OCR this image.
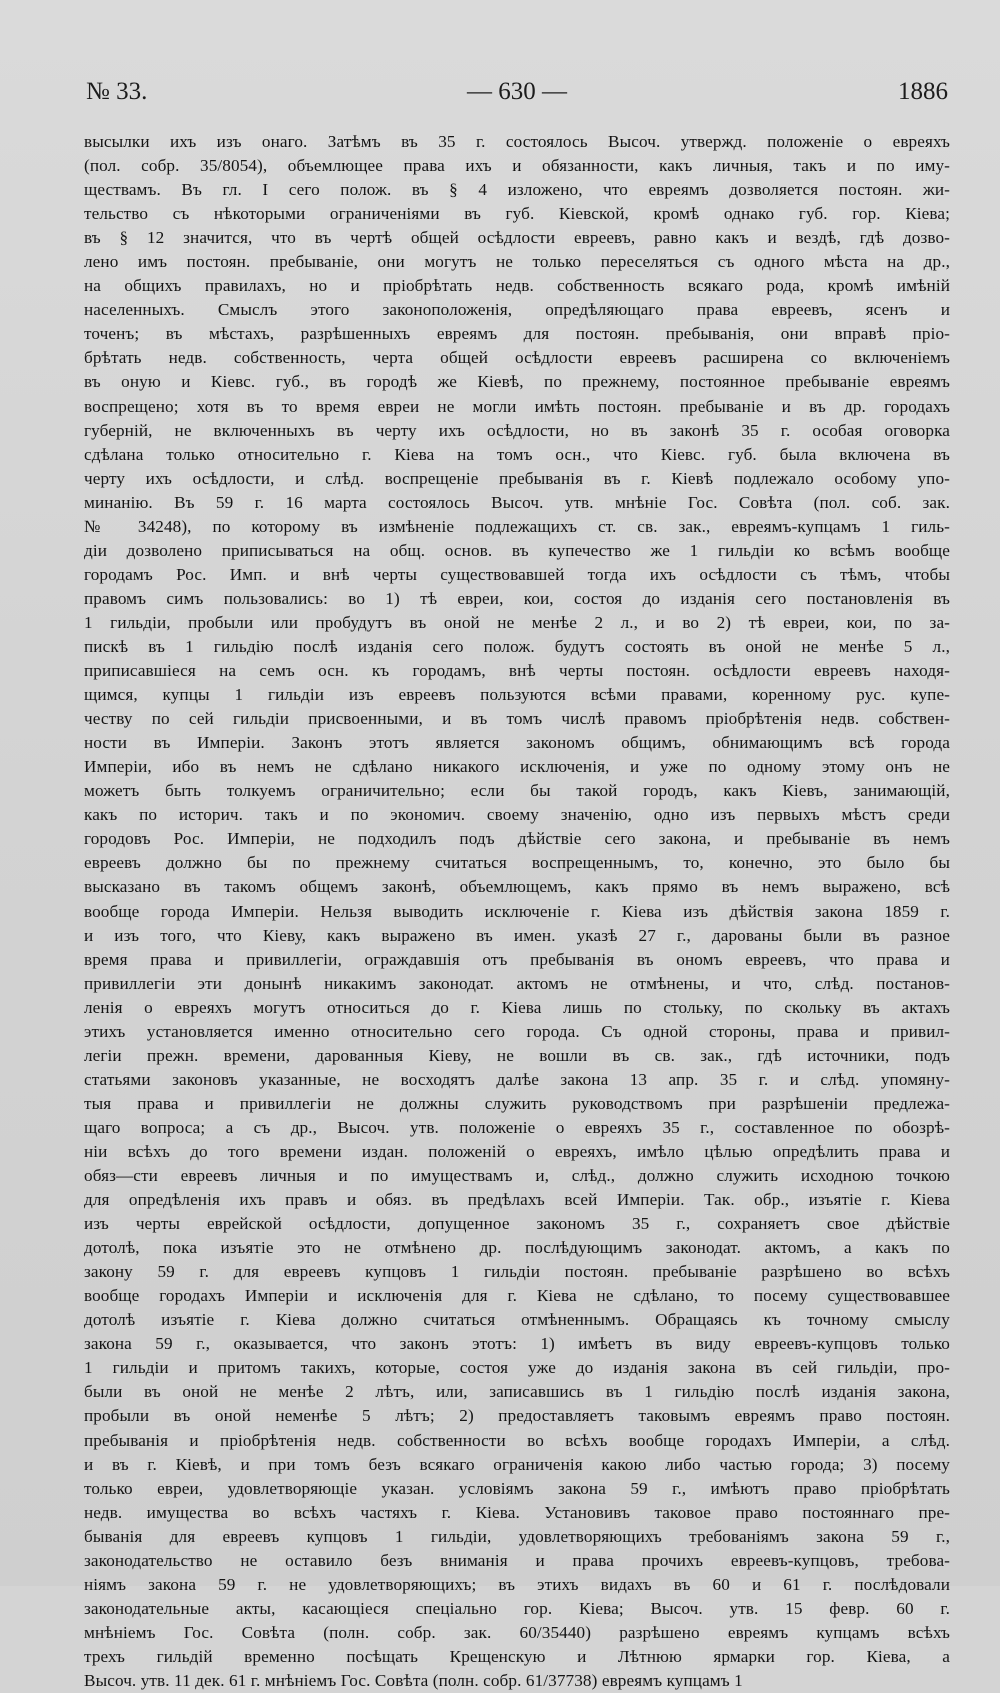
№ 33.	— 630 —	1886
высылки ихъ изъ онаго. Затѣмъ въ 35 г. состоялось Высоч. утвержд. положеніе о евреяхъ
(пол. собр. 35/8054), объемлющее права ихъ и обязанности, какъ личныя, такъ и по иму-
ществамъ. Въ гл. I сего полож. въ § 4 изложено, что евреямъ дозволяется постоян. жи-
тельство съ нѣкоторыми ограниченіями въ губ. Кіевской, кромѣ однако губ. гор. Кіева;
въ § 12 значится, что въ чертѣ общей осѣдлости евреевъ, равно какъ и вездѣ, гдѣ дозво-
лено имъ постоян. пребываніе, они могутъ не только переселяться съ одного мѣста на др.,
на общихъ правилахъ, но и пріобрѣтать недв. собственность всякаго рода, кромѣ имѣній
населенныхъ. Смыслъ этого законоположенія, опредѣляющаго права евреевъ, ясенъ и
точенъ; въ мѣстахъ, разрѣшенныхъ евреямъ для постоян. пребыванія, они вправѣ пріо-
брѣтать недв. собственность, черта общей осѣдлости евреевъ расширена со включеніемъ
въ оную и Кіевс. губ., въ городѣ же Кіевѣ, по прежнему, постоянное пребываніе евреямъ
воспрещено; хотя въ то время евреи не могли имѣть постоян. пребываніе и въ др. городахъ
губерній, не включенныхъ въ черту ихъ осѣдлости, но въ законѣ 35 г. особая оговорка
сдѣлана только относительно г. Кіева на томъ осн., что Кіевс. губ. была включена въ
черту ихъ осѣдлости, и слѣд. воспрещеніе пребыванія въ г. Кіевѣ подлежало особому упо-
минанію. Въ 59 г. 16 марта состоялось Высоч. утв. мнѣніе Гос. Совѣта (пол. соб. зак.
№ 34248), по которому въ измѣненіе подлежащихъ ст. св. зак., евреямъ-купцамъ 1 гиль-
діи дозволено приписываться на общ. основ. въ купечество же 1 гильдіи ко всѣмъ вообще
городамъ Рос. Имп. и внѣ черты существовавшей тогда ихъ осѣдлости съ тѣмъ, чтобы
правомъ симъ пользовались: во 1) тѣ евреи, кои, состоя до изданія сего постановленія въ
1 гильдіи, пробыли или пробудутъ въ оной не менѣе 2 л., и во 2) тѣ евреи, кои, по за-
пискѣ въ 1 гильдію послѣ изданія сего полож. будутъ состоять въ оной не менѣе 5 л.,
приписавшіеся на семъ осн. къ городамъ, внѣ черты постоян. осѣдлости евреевъ находя-
щимся, купцы 1 гильдіи изъ евреевъ пользуются всѣми правами, коренному рус. купе-
честву по сей гильдіи присвоенными, и въ томъ числѣ правомъ пріобрѣтенія недв. собствен-
ности въ Имперіи. Законъ этотъ является закономъ общимъ, обнимающимъ всѣ города
Имперіи, ибо въ немъ не сдѣлано никакого исключенія, и уже по одному этому онъ не
можетъ быть толкуемъ ограничительно; если бы такой городъ, какъ Кіевъ, занимающій,
какъ по историч. такъ и по экономич. своему значенію, одно изъ первыхъ мѣстъ среди
городовъ Рос. Имперіи, не подходилъ подъ дѣйствіе сего закона, и пребываніе въ немъ
евреевъ должно бы по прежнему считаться воспрещеннымъ, то, конечно, это было бы
высказано въ такомъ общемъ законѣ, объемлющемъ, какъ прямо въ немъ выражено, всѣ
вообще города Имперіи. Нельзя выводить исключеніе г. Кіева изъ дѣйствія закона 1859 г.
и изъ того, что Кіеву, какъ выражено въ имен. указѣ 27 г., дарованы были въ разное
время права и привиллегіи, ограждавшія отъ пребыванія въ ономъ евреевъ, что права и
привиллегіи эти донынѣ никакимъ законодат. актомъ не отмѣнены, и что, слѣд. постанов-
ленія о евреяхъ могутъ относиться до г. Кіева лишь по стольку, по скольку въ актахъ
этихъ установляется именно относительно сего города. Съ одной стороны, права и привил-
легіи прежн. времени, дарованныя Кіеву, не вошли въ св. зак., гдѣ источники, подъ
статьями законовъ указанные, не восходятъ далѣе закона 13 апр. 35 г. и слѣд. упомяну-
тыя права и привиллегіи не должны служить руководствомъ при разрѣшеніи предлежа-
щаго вопроса; а съ др., Высоч. утв. положеніе о евреяхъ 35 г., составленное по обозрѣ-
ніи всѣхъ до того времени издан. положеній о евреяхъ, имѣло цѣлью опредѣлить права и
обяз—сти евреевъ личныя и по имуществамъ и, слѣд., должно служить исходною точкою
для опредѣленія ихъ правъ и обяз. въ предѣлахъ всей Имперіи. Так. обр., изъятіе г. Кіева
изъ черты еврейской осѣдлости, допущенное закономъ 35 г., сохраняетъ свое дѣйствіе
дотолѣ, пока изъятіе это не отмѣнено др. послѣдующимъ законодат. актомъ, а какъ по
закону 59 г. для евреевъ купцовъ 1 гильдіи постоян. пребываніе разрѣшено во всѣхъ
вообще городахъ Имперіи и исключенія для г. Кіева не сдѣлано, то посему существовавшее
дотолѣ изъятіе г. Кіева должно считаться отмѣненнымъ. Обращаясь къ точному смыслу
закона 59 г., оказывается, что законъ этотъ: 1) имѣетъ въ виду евреевъ-купцовъ только
1 гильдіи и притомъ такихъ, которые, состоя уже до изданія закона въ сей гильдіи, про-
были въ оной не менѣе 2 лѣтъ, или, записавшись въ 1 гильдію послѣ изданія закона,
пробыли въ оной неменѣе 5 лѣтъ; 2) предоставляетъ таковымъ евреямъ право постоян.
пребыванія и пріобрѣтенія недв. собственности во всѣхъ вообще городахъ Имперіи, а слѣд.
и въ г. Кіевѣ, и при томъ безъ всякаго ограниченія какою либо частью города; 3) посему
только евреи, удовлетворяющіе указан. условіямъ закона 59 г., имѣютъ право пріобрѣтать
недв. имущества во всѣхъ частяхъ г. Кіева. Установивъ таковое право постояннаго пре-
быванія для евреевъ купцовъ 1 гильдіи, удовлетворяющихъ требованіямъ закона 59 г.,
законодательство не оставило безъ вниманія и права прочихъ евреевъ-купцовъ, требова-
ніямъ закона 59 г. не удовлетворяющихъ; въ этихъ видахъ въ 60 и 61 г. послѣдовали
законодательные акты, касающіеся спеціально гор. Кіева; Высоч. утв. 15 февр. 60 г.
мнѣніемъ Гос. Совѣта (полн. собр. зак. 60/35440) разрѣшено евреямъ купцамъ всѣхъ
трехъ гильдій временно посѣщать Крещенскую и Лѣтнюю ярмарки гор. Кіева, а
Высоч. утв. 11 дек. 61 г. мнѣніемъ Гос. Совѣта (полн. собр. 61/37738) евреямъ купцамъ 1
